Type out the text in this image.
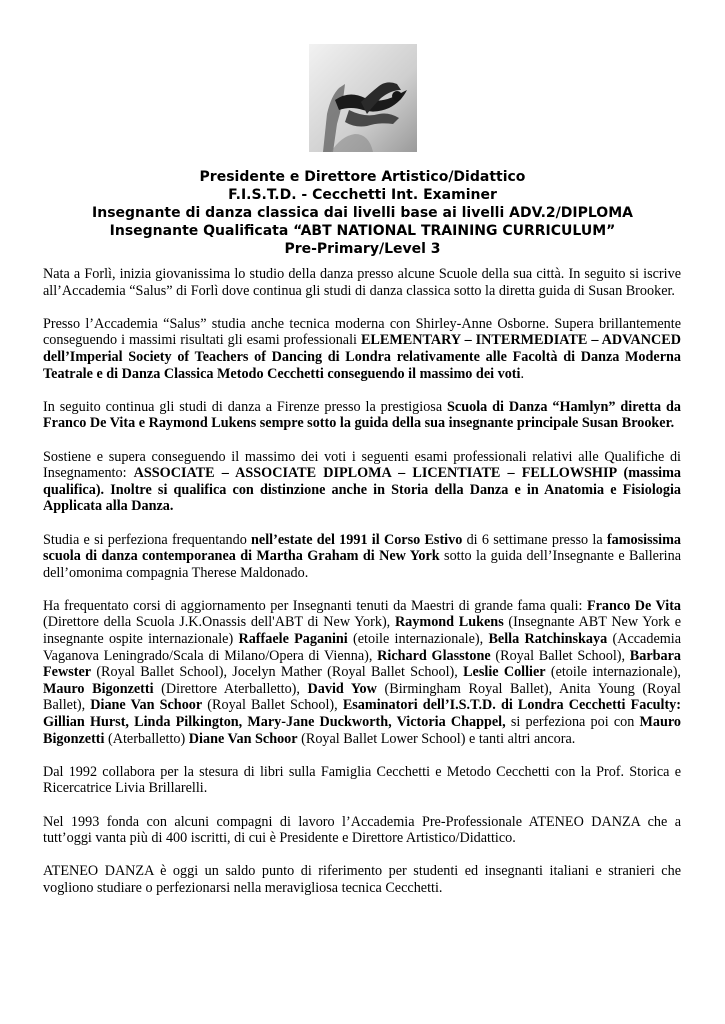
Presidente e Direttore Artistico/Didattico
F.I.S.T.D. - Cecchetti Int. Examiner
Insegnante di danza classica dai livelli base ai livelli ADV.2/DIPLOMA
Insegnante Qualificata “ABT NATIONAL TRAINING CURRICULUM”
Pre-Primary/Level 3

Nata a Forlì, inizia giovanissima lo studio della danza presso alcune Scuole della sua città. In seguito si iscrive all’Accademia “Salus” di Forlì dove continua gli studi di danza classica sotto la diretta guida di Susan Brooker.

Presso l’Accademia “Salus” studia anche tecnica moderna con Shirley-Anne Osborne. Supera brillantemente conseguendo i massimi risultati gli esami professionali ELEMENTARY – INTERMEDIATE – ADVANCED dell’Imperial Society of Teachers of Dancing di Londra relativamente alle Facoltà di Danza Moderna Teatrale e di Danza Classica Metodo Cecchetti conseguendo il massimo dei voti.

In seguito continua gli studi di danza a Firenze presso la prestigiosa Scuola di Danza “Hamlyn” diretta da Franco De Vita e Raymond Lukens sempre sotto la guida della sua insegnante principale Susan Brooker.

Sostiene e supera conseguendo il massimo dei voti i seguenti esami professionali relativi alle Qualifiche di Insegnamento: ASSOCIATE – ASSOCIATE DIPLOMA – LICENTIATE – FELLOWSHIP (massima qualifica). Inoltre si qualifica con distinzione anche in Storia della Danza e in Anatomia e Fisiologia Applicata alla Danza.

Studia e si perfeziona frequentando nell’estate del 1991 il Corso Estivo di 6 settimane presso la famosissima scuola di danza contemporanea di Martha Graham di New York sotto la guida dell’Insegnante e Ballerina dell’omonima compagnia Therese Maldonado.

Ha frequentato corsi di aggiornamento per Insegnanti tenuti da Maestri di grande fama quali: Franco De Vita (Direttore della Scuola J.K.Onassis dell'ABT di New York), Raymond Lukens (Insegnante ABT New York e insegnante ospite internazionale) Raffaele Paganini (etoile internazionale), Bella Ratchinskaya (Accademia Vaganova Leningrado/Scala di Milano/Opera di Vienna), Richard Glasstone (Royal Ballet School), Barbara Fewster (Royal Ballet School), Jocelyn Mather (Royal Ballet School), Leslie Collier (etoile internazionale), Mauro Bigonzetti (Direttore Aterballetto), David Yow (Birmingham Royal Ballet), Anita Young (Royal Ballet), Diane Van Schoor (Royal Ballet School), Esaminatori dell’I.S.T.D. di Londra Cecchetti Faculty: Gillian Hurst, Linda Pilkington, Mary-Jane Duckworth, Victoria Chappel, si perfeziona poi con Mauro Bigonzetti (Aterballetto) Diane Van Schoor (Royal Ballet Lower School) e tanti altri ancora.

Dal 1992 collabora per la stesura di libri sulla Famiglia Cecchetti e Metodo Cecchetti con la Prof. Storica e Ricercatrice Livia Brillarelli.

Nel 1993 fonda con alcuni compagni di lavoro l’Accademia Pre-Professionale ATENEO DANZA che a tutt’oggi vanta più di 400 iscritti, di cui è Presidente e Direttore Artistico/Didattico.

ATENEO DANZA è oggi un saldo punto di riferimento per studenti ed insegnanti italiani e stranieri che vogliono studiare o perfezionarsi nella meravigliosa tecnica Cecchetti.
